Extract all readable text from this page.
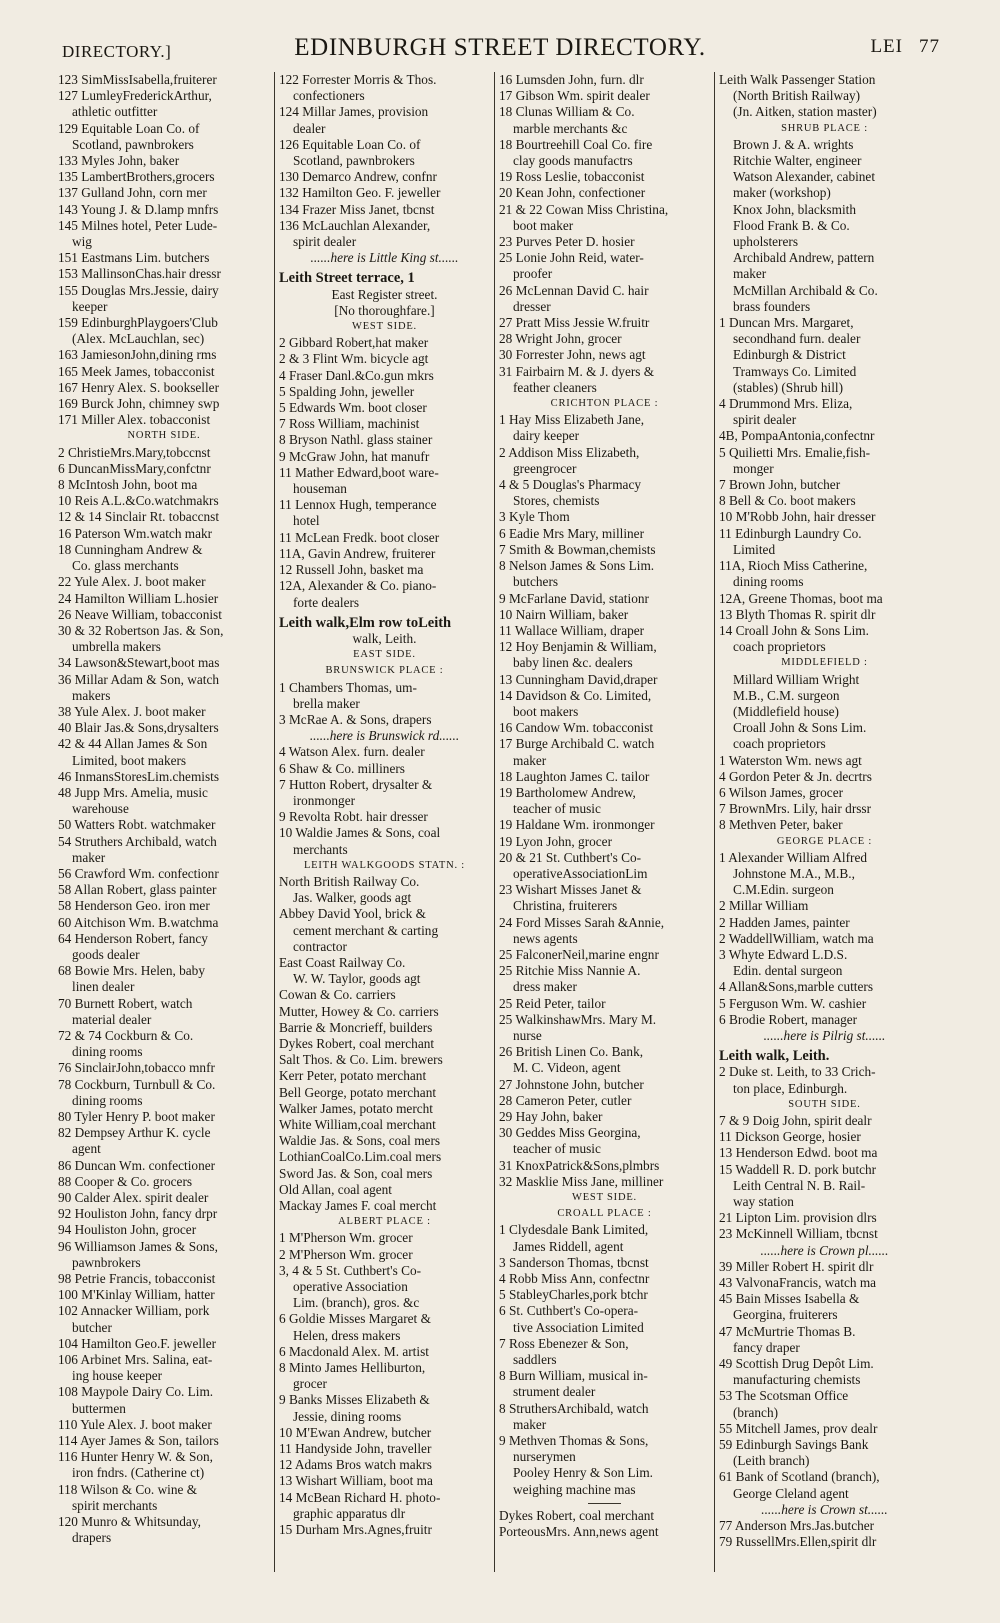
DIRECTORY.]	EDINBURGH STREET DIRECTORY.	LEI 77
123 SimMissIsabella,fruiterer
127 LumleyFrederickArthur,
athletic outfitter
129 Equitable Loan Co. of
Scotland, pawnbrokers
133 Myles John, baker
135 LambertBrothers,grocers
137 Gulland John, corn mer
143 Young J. & D.lamp mnfrs
145 Milnes hotel, Peter Lude-
wig
151 Eastmans Lim. butchers
153 MallinsonChas.hair dressr
155 Douglas Mrs.Jessie, dairy
keeper
159 EdinburghPlaygoers'Club
(Alex. McLauchlan, sec)
163 JamiesonJohn,dining rms
165 Meek James, tobacconist
167 Henry Alex. S. bookseller
169 Burck John, chimney swp
171 Miller Alex. tobacconist
NORTH SIDE.
2 ChristieMrs.Mary,tobccnst
6 DuncanMissMary,confctnr
8 McIntosh John, boot ma
10 Reis A.L.&Co.watchmakrs
12 & 14 Sinclair Rt. tobaccnst
16 Paterson Wm.watch makr
18 Cunningham Andrew &
Co. glass merchants
22 Yule Alex. J. boot maker
24 Hamilton William L.hosier
26 Neave William, tobacconist
30 & 32 Robertson Jas. & Son,
umbrella makers
34 Lawson&Stewart,boot mas
36 Millar Adam & Son, watch
makers
38 Yule Alex. J. boot maker
40 Blair Jas.& Sons,drysalters
42 & 44 Allan James & Son
Limited, boot makers
46 InmansStoresLim.chemists
48 Jupp Mrs. Amelia, music
warehouse
50 Watters Robt. watchmaker
54 Struthers Archibald, watch
maker
56 Crawford Wm. confectionr
58 Allan Robert, glass painter
58 Henderson Geo. iron mer
60 Aitchison Wm. B.watchma
64 Henderson Robert, fancy
goods dealer
68 Bowie Mrs. Helen, baby
linen dealer
70 Burnett Robert, watch
material dealer
72 & 74 Cockburn & Co.
dining rooms
76 SinclairJohn,tobacco mnfr
78 Cockburn, Turnbull & Co.
dining rooms
80 Tyler Henry P. boot maker
82 Dempsey Arthur K. cycle
agent
86 Duncan Wm. confectioner
88 Cooper & Co. grocers
90 Calder Alex. spirit dealer
92 Houliston John, fancy drpr
94 Houliston John, grocer
96 Williamson James & Sons,
pawnbrokers
98 Petrie Francis, tobacconist
100 M'Kinlay William, hatter
102 Annacker William, pork
butcher
104 Hamilton Geo.F. jeweller
106 Arbinet Mrs. Salina, eat-
ing house keeper
108 Maypole Dairy Co. Lim.
buttermen
110 Yule Alex. J. boot maker
114 Ayer James & Son, tailors
116 Hunter Henry W. & Son,
iron fndrs. (Catherine ct)
118 Wilson & Co. wine &
spirit merchants
120 Munro & Whitsunday,
drapers
122 Forrester Morris & Thos.
confectioners
124 Millar James, provision
dealer
126 Equitable Loan Co. of
Scotland, pawnbrokers
130 Demarco Andrew, confnr
132 Hamilton Geo. F. jeweller
134 Frazer Miss Janet, tbcnst
136 McLauchlan Alexander,
spirit dealer
......here is Little King st......
Leith Street terrace, 1
East Register street.
[No thoroughfare.]
WEST SIDE.
2 Gibbard Robert,hat maker
2 & 3 Flint Wm. bicycle agt
4 Fraser Danl.&Co.gun mkrs
5 Spalding John, jeweller
5 Edwards Wm. boot closer
7 Ross William, machinist
8 Bryson Nathl. glass stainer
9 McGraw John, hat manufr
11 Mather Edward,boot ware-
houseman
11 Lennox Hugh, temperance
hotel
11 McLean Fredk. boot closer
11A, Gavin Andrew, fruiterer
12 Russell John, basket ma
12A, Alexander & Co. piano-
forte dealers
Leith walk,Elm row toLeith
walk, Leith.
EAST SIDE.
BRUNSWICK PLACE :
1 Chambers Thomas, um-
brella maker
3 McRae A. & Sons, drapers
......here is Brunswick rd......
4 Watson Alex. furn. dealer
6 Shaw & Co. milliners
7 Hutton Robert, drysalter &
ironmonger
9 Revolta Robt. hair dresser
10 Waldie James & Sons, coal
merchants
LEITH WALKGOODS STATN. :
North British Railway Co.
Jas. Walker, goods agt
Abbey David Yool, brick &
cement merchant & carting
contractor
East Coast Railway Co.
W. W. Taylor, goods agt
Cowan & Co. carriers
Mutter, Howey & Co. carriers
Barrie & Moncrieff, builders
Dykes Robert, coal merchant
Salt Thos. & Co. Lim. brewers
Kerr Peter, potato merchant
Bell George, potato merchant
Walker James, potato mercht
White William,coal merchant
Waldie Jas. & Sons, coal mers
LothianCoalCo.Lim.coal mers
Sword Jas. & Son, coal mers
Old Allan, coal agent
Mackay James F. coal mercht
ALBERT PLACE :
1 M'Pherson Wm. grocer
2 M'Pherson Wm. grocer
3, 4 & 5 St. Cuthbert's Co-
operative Association
Lim. (branch), gros. &c
6 Goldie Misses Margaret &
Helen, dress makers
6 Macdonald Alex. M. artist
8 Minto James Helliburton,
grocer
9 Banks Misses Elizabeth &
Jessie, dining rooms
10 M'Ewan Andrew, butcher
11 Handyside John, traveller
12 Adams Bros watch makrs
13 Wishart William, boot ma
14 McBean Richard H. photo-
graphic apparatus dlr
15 Durham Mrs.Agnes,fruitr
16 Lumsden John, furn. dlr
17 Gibson Wm. spirit dealer
18 Clunas William & Co.
marble merchants &c
18 Bourtreehill Coal Co. fire
clay goods manufactrs
19 Ross Leslie, tobacconist
20 Kean John, confectioner
21 & 22 Cowan Miss Christina,
boot maker
23 Purves Peter D. hosier
25 Lonie John Reid, water-
proofer
26 McLennan David C. hair
dresser
27 Pratt Miss Jessie W.fruitr
28 Wright John, grocer
30 Forrester John, news agt
31 Fairbairn M. & J. dyers &
feather cleaners
CRICHTON PLACE :
1 Hay Miss Elizabeth Jane,
dairy keeper
2 Addison Miss Elizabeth,
greengrocer
4 & 5 Douglas's Pharmacy
Stores, chemists
3 Kyle Thom
6 Eadie Mrs Mary, milliner
7 Smith & Bowman,chemists
8 Nelson James & Sons Lim.
butchers
9 McFarlane David, stationr
10 Nairn William, baker
11 Wallace William, draper
12 Hoy Benjamin & William,
baby linen &c. dealers
13 Cunningham David,draper
14 Davidson & Co. Limited,
boot makers
16 Candow Wm. tobacconist
17 Burge Archibald C. watch
maker
18 Laughton James C. tailor
19 Bartholomew Andrew,
teacher of music
19 Haldane Wm. ironmonger
19 Lyon John, grocer
20 & 21 St. Cuthbert's Co-
operativeAssociationLim
23 Wishart Misses Janet &
Christina, fruiterers
24 Ford Misses Sarah &Annie,
news agents
25 FalconerNeil,marine engnr
25 Ritchie Miss Nannie A.
dress maker
25 Reid Peter, tailor
25 WalkinshawMrs. Mary M.
nurse
26 British Linen Co. Bank,
M. C. Videon, agent
27 Johnstone John, butcher
28 Cameron Peter, cutler
29 Hay John, baker
30 Geddes Miss Georgina,
teacher of music
31 KnoxPatrick&Sons,plmbrs
32 Masklie Miss Jane, milliner
WEST SIDE.
CROALL PLACE :
1 Clydesdale Bank Limited,
James Riddell, agent
3 Sanderson Thomas, tbcnst
4 Robb Miss Ann, confectnr
5 StableyCharles,pork btchr
6 St. Cuthbert's Co-opera-
tive Association Limited
7 Ross Ebenezer & Son,
saddlers
8 Burn William, musical in-
strument dealer
8 StruthersArchibald, watch
maker
9 Methven Thomas & Sons,
nurserymen
Pooley Henry & Son Lim.
weighing machine mas
Dykes Robert, coal merchant
PorteousMrs. Ann,news agent
Leith Walk Passenger Station
(North British Railway)
(Jn. Aitken, station master)
SHRUB PLACE :
Brown J. & A. wrights
Ritchie Walter, engineer
Watson Alexander, cabinet
maker (workshop)
Knox John, blacksmith
Flood Frank B. & Co.
upholsterers
Archibald Andrew, pattern
maker
McMillan Archibald & Co.
brass founders
1 Duncan Mrs. Margaret,
secondhand furn. dealer
Edinburgh & District
Tramways Co. Limited
(stables) (Shrub hill)
4 Drummond Mrs. Eliza,
spirit dealer
4B, PompaAntonia,confectnr
5 Quilietti Mrs. Emalie,fish-
monger
7 Brown John, butcher
8 Bell & Co. boot makers
10 M'Robb John, hair dresser
11 Edinburgh Laundry Co.
Limited
11A, Rioch Miss Catherine,
dining rooms
12A, Greene Thomas, boot ma
13 Blyth Thomas R. spirit dlr
14 Croall John & Sons Lim.
coach proprietors
MIDDLEFIELD :
Millard William Wright
M.B., C.M. surgeon
(Middlefield house)
Croall John & Sons Lim.
coach proprietors
1 Waterston Wm. news agt
4 Gordon Peter & Jn. decrtrs
6 Wilson James, grocer
7 BrownMrs. Lily, hair drssr
8 Methven Peter, baker
GEORGE PLACE :
1 Alexander William Alfred
Johnstone M.A., M.B.,
C.M.Edin. surgeon
2 Millar William
2 Hadden James, painter
2 WaddellWilliam, watch ma
3 Whyte Edward L.D.S.
Edin. dental surgeon
4 Allan&Sons,marble cutters
5 Ferguson Wm. W. cashier
6 Brodie Robert, manager
......here is Pilrig st......
Leith walk, Leith.
2 Duke st. Leith, to 33 Crich-
ton place, Edinburgh.
SOUTH SIDE.
7 & 9 Doig John, spirit dealr
11 Dickson George, hosier
13 Henderson Edwd. boot ma
15 Waddell R. D. pork butchr
Leith Central N. B. Rail-
way station
21 Lipton Lim. provision dlrs
23 McKinnell William, tbcnst
......here is Crown pl......
39 Miller Robert H. spirit dlr
43 ValvonaFrancis, watch ma
45 Bain Misses Isabella &
Georgina, fruiterers
47 McMurtrie Thomas B.
fancy draper
49 Scottish Drug Depôt Lim.
manufacturing chemists
53 The Scotsman Office
(branch)
55 Mitchell James, prov dealr
59 Edinburgh Savings Bank
(Leith branch)
61 Bank of Scotland (branch),
George Cleland agent
......here is Crown st......
77 Anderson Mrs.Jas.butcher
79 RussellMrs.Ellen,spirit dlr
